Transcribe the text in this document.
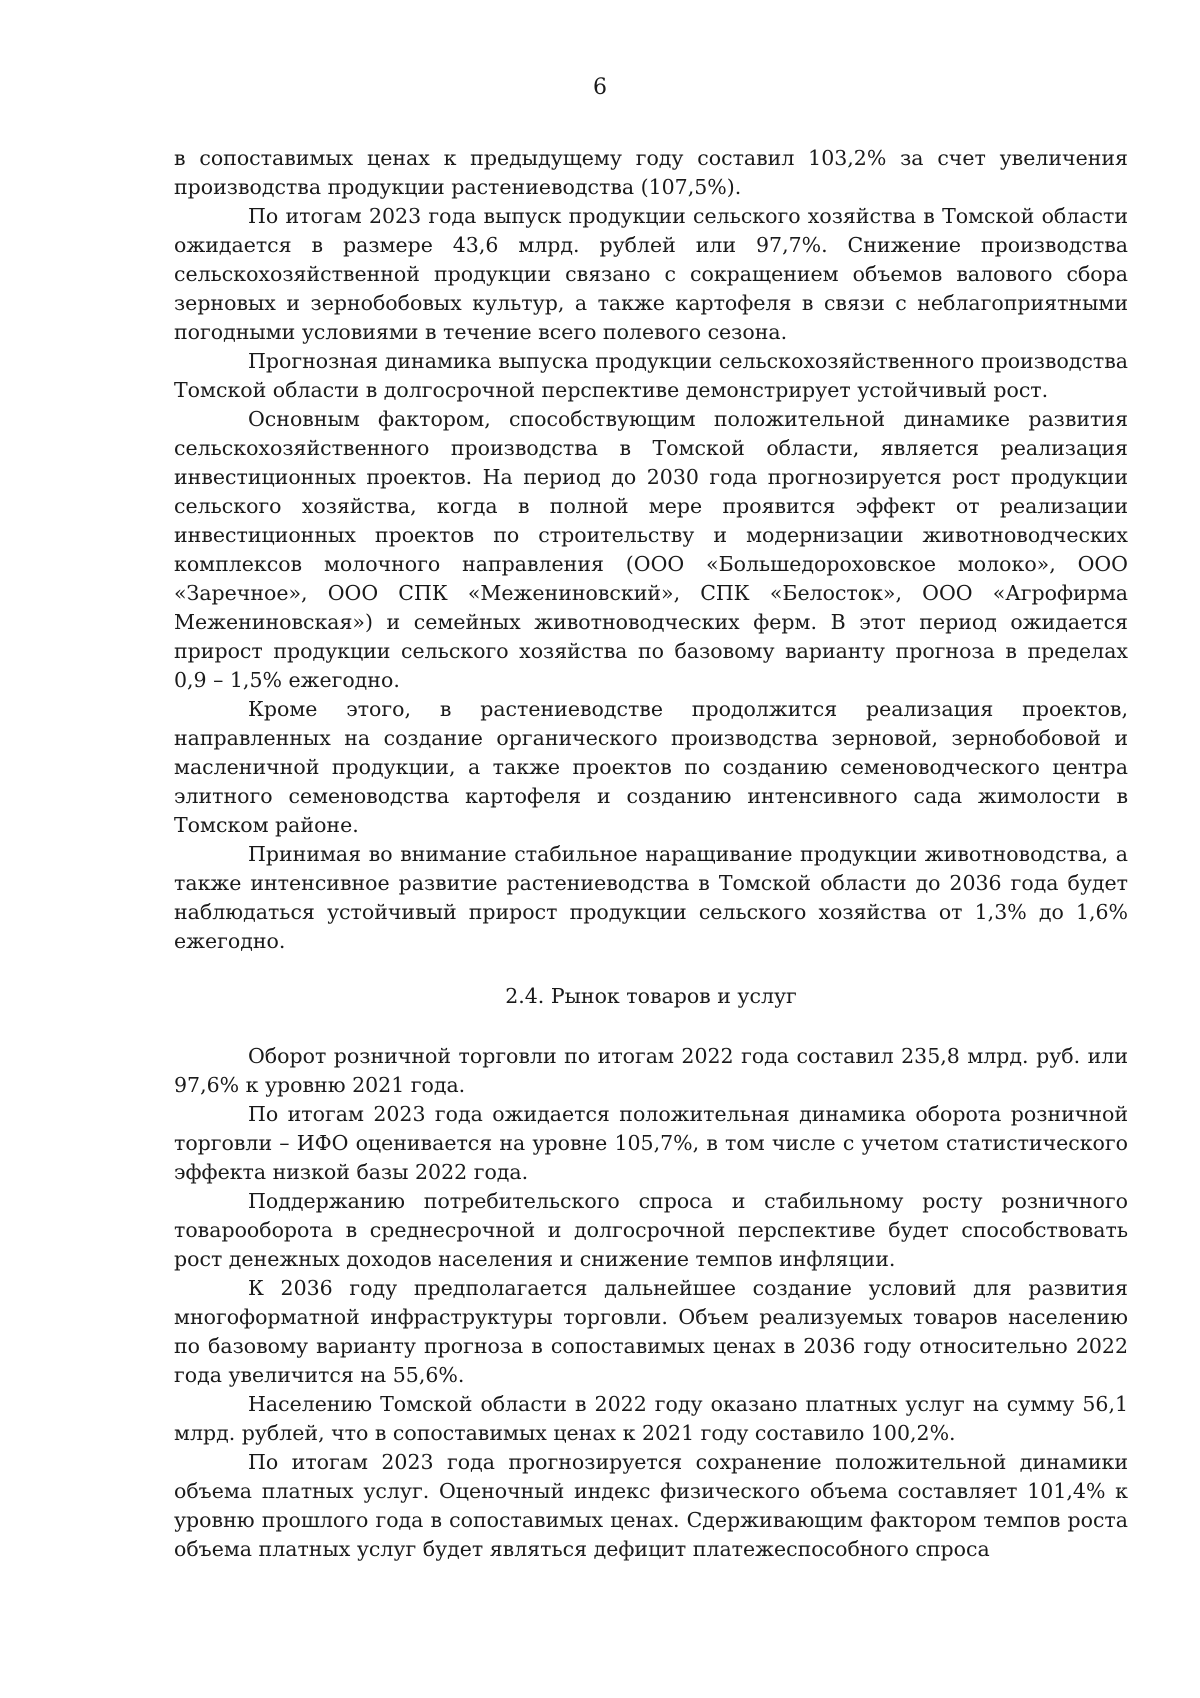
6

в сопоставимых ценах к предыдущему году составил 103,2% за счет увеличения производства продукции растениеводства (107,5%).

По итогам 2023 года выпуск продукции сельского хозяйства в Томской области ожидается в размере 43,6 млрд. рублей или 97,7%. Снижение производства сельскохозяйственной продукции связано с сокращением объемов валового сбора зерновых и зернобобовых культур, а также картофеля в связи с неблагоприятными погодными условиями в течение всего полевого сезона.

Прогнозная динамика выпуска продукции сельскохозяйственного производства Томской области в долгосрочной перспективе демонстрирует устойчивый рост.

Основным фактором, способствующим положительной динамике развития сельскохозяйственного производства в Томской области, является реализация инвестиционных проектов. На период до 2030 года прогнозируется рост продукции сельского хозяйства, когда в полной мере проявится эффект от реализации инвестиционных проектов по строительству и модернизации животноводческих комплексов молочного направления (ООО «Большедороховское молоко», ООО «Заречное», ООО СПК «Межениновский», СПК «Белосток», ООО «Агрофирма Межениновская») и семейных животноводческих ферм. В этот период ожидается прирост продукции сельского хозяйства по базовому варианту прогноза в пределах 0,9 – 1,5% ежегодно.

Кроме этого, в растениеводстве продолжится реализация проектов, направленных на создание органического производства зерновой, зернобобовой и масленичной продукции, а также проектов по созданию семеноводческого центра элитного семеноводства картофеля и созданию интенсивного сада жимолости в Томском районе.

Принимая во внимание стабильное наращивание продукции животноводства, а также интенсивное развитие растениеводства в Томской области до 2036 года будет наблюдаться устойчивый прирост продукции сельского хозяйства от 1,3% до 1,6% ежегодно.

2.4. Рынок товаров и услуг

Оборот розничной торговли по итогам 2022 года составил 235,8 млрд. руб. или 97,6% к уровню 2021 года.

По итогам 2023 года ожидается положительная динамика оборота розничной торговли – ИФО оценивается на уровне 105,7%, в том числе с учетом статистического эффекта низкой базы 2022 года.

Поддержанию потребительского спроса и стабильному росту розничного товарооборота в среднесрочной и долгосрочной перспективе будет способствовать рост денежных доходов населения и снижение темпов инфляции.

К 2036 году предполагается дальнейшее создание условий для развития многоформатной инфраструктуры торговли. Объем реализуемых товаров населению по базовому варианту прогноза в сопоставимых ценах в 2036 году относительно 2022 года увеличится на 55,6%.

Населению Томской области в 2022 году оказано платных услуг на сумму 56,1 млрд. рублей, что в сопоставимых ценах к 2021 году составило 100,2%.

По итогам 2023 года прогнозируется сохранение положительной динамики объема платных услуг. Оценочный индекс физического объема составляет 101,4% к уровню прошлого года в сопоставимых ценах. Сдерживающим фактором темпов роста объема платных услуг будет являться дефицит платежеспособного спроса
